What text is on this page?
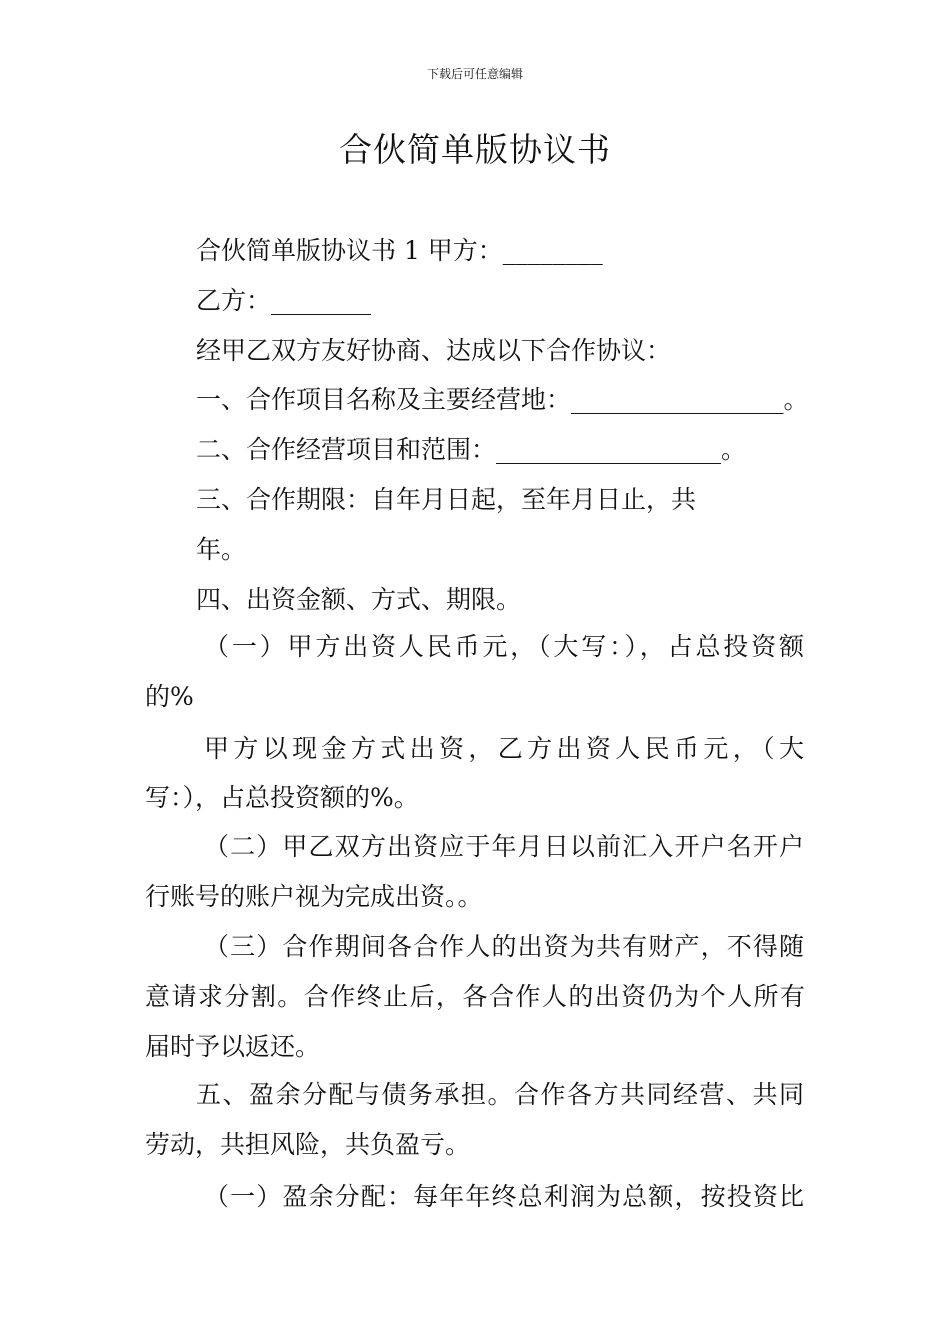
下载后可任意编辑
合伙简单版协议书
合伙简单版协议书 1 甲方：________
乙方：________
经甲乙双方友好协商、达成以下合作协议：
一、合作项目名称及主要经营地：_________________。
二、合作经营项目和范围：__________________。
三、合作期限：自年月日起，至年月日止，共
年。
四、出资金额、方式、期限。
（一）甲方出资人民币元，（大写：），占总投资额
的%
甲方以现金方式出资，乙方出资人民币元，（大
写：），占总投资额的%。
（二）甲乙双方出资应于年月日以前汇入开户名开户
行账号的账户视为完成出资。。
（三）合作期间各合作人的出资为共有财产，不得随
意请求分割。合作终止后，各合作人的出资仍为个人所有
届时予以返还。
五、盈余分配与债务承担。合作各方共同经营、共同
劳动，共担风险，共负盈亏。
（一）盈余分配：每年年终总利润为总额，按投资比
